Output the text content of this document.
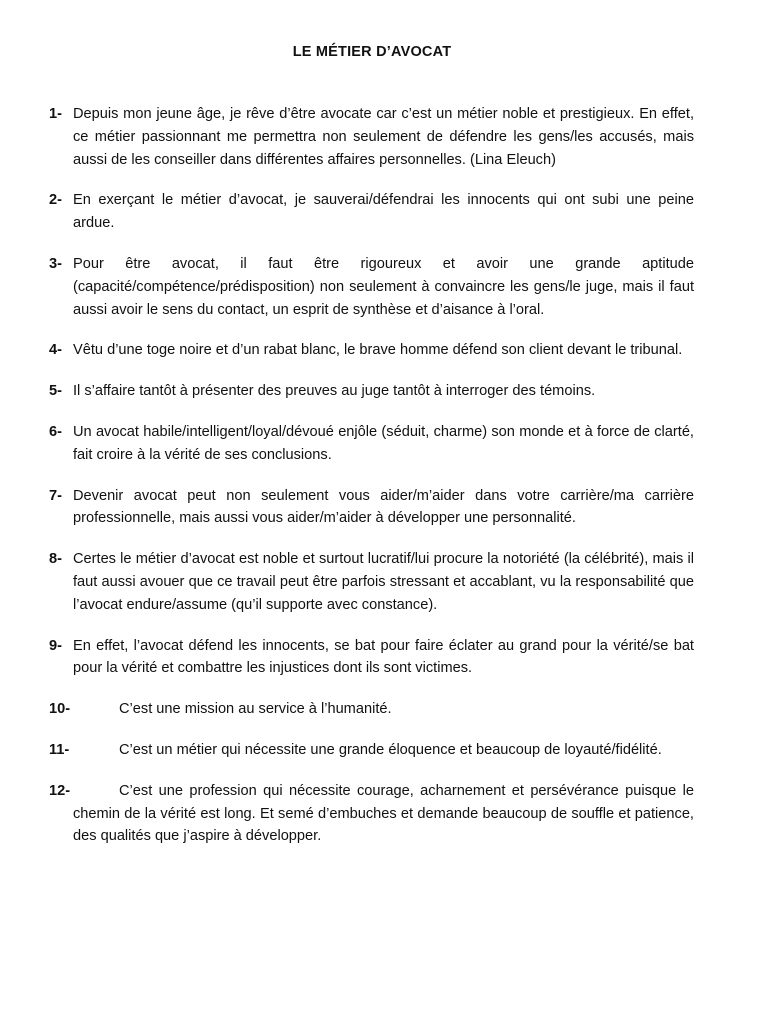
LE MÉTIER D’AVOCAT
1- Depuis mon jeune âge, je rêve d’être avocate car c’est un métier noble et prestigieux. En effet, ce métier passionnant me permettra non seulement de défendre les gens/les accusés, mais aussi de les conseiller dans différentes affaires personnelles. (Lina Eleuch)
2- En exerçant le métier d’avocat, je sauverai/défendrai les innocents qui ont subi une peine ardue.
3- Pour être avocat, il faut être rigoureux et avoir une grande aptitude (capacité/compétence/prédisposition) non seulement à convaincre les gens/le juge, mais il faut aussi avoir le sens du contact, un esprit de synthèse et d’aisance à l’oral.
4- Vêtu d’une toge noire et d’un rabat blanc, le brave homme défend son client devant le tribunal.
5- Il s’affaire tantôt à présenter des preuves au juge tantôt à interroger des témoins.
6- Un avocat habile/intelligent/loyal/dévoué enjôle (séduit, charme) son monde et à force de clarté, fait croire à la vérité de ses conclusions.
7- Devenir avocat peut non seulement vous aider/m’aider dans votre carrière/ma carrière professionnelle, mais aussi vous aider/m’aider à développer une personnalité.
8- Certes le métier d’avocat est noble et surtout lucratif/lui procure la notoriété (la célébrité), mais il faut aussi avouer que ce travail peut être parfois stressant et accablant, vu la responsabilité que l’avocat endure/assume (qu’il supporte avec constance).
9- En effet, l’avocat défend les innocents, se bat pour faire éclater au grand pour la vérité/se bat pour la vérité et combattre les injustices dont ils sont victimes.
10-	C’est une mission au service à l’humanité.
11-	C’est un métier qui nécessite une grande éloquence et beaucoup de loyauté/fidélité.
12-	C’est une profession qui nécessite courage, acharnement et persévérance puisque le chemin de la vérité est long. Et semé d’embuches et demande beaucoup de souffle et patience, des qualités que j’aspire à développer.
